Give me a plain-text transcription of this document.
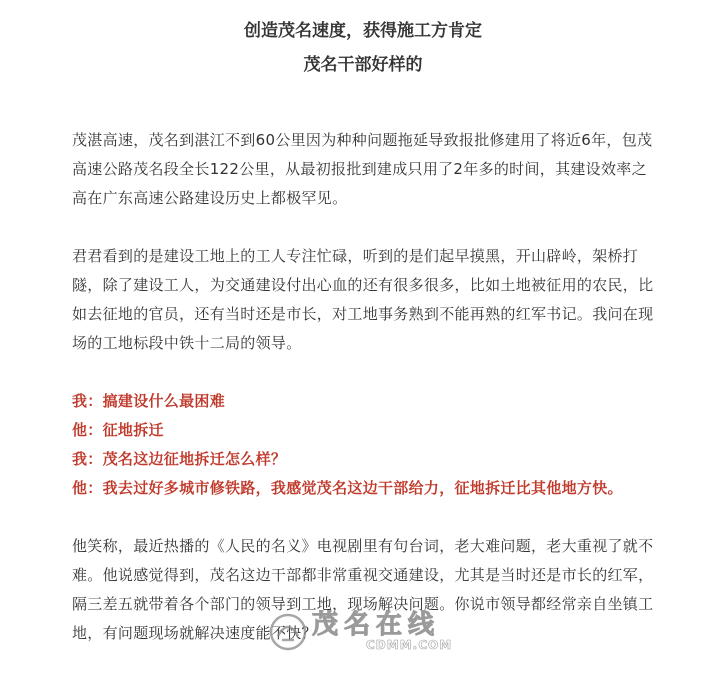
创造茂名速度，获得施工方肯定
茂名干部好样的

茂湛高速，茂名到湛江不到60公里因为种种问题拖延导致报批修建用了将近6年，包茂高速公路茂名段全长122公里，从最初报批到建成只用了2年多的时间，其建设效率之高在广东高速公路建设历史上都极罕见。

君君看到的是建设工地上的工人专注忙碌，听到的是们起早摸黑，开山辟岭，架桥打隧，除了建设工人，为交通建设付出心血的还有很多很多，比如土地被征用的农民，比如去征地的官员，还有当时还是市长，对工地事务熟到不能再熟的红军书记。我问在现场的工地标段中铁十二局的领导。

我：搞建设什么最困难
他：征地拆迁
我：茂名这边征地拆迁怎么样？
他：我去过好多城市修铁路，我感觉茂名这边干部给力，征地拆迁比其他地方快。

他笑称，最近热播的《人民的名义》电视剧里有句台词，老大难问题，老大重视了就不难。他说感觉得到，茂名这边干部都非常重视交通建设，尤其是当时还是市长的红军，隔三差五就带着各个部门的领导到工地，现场解决问题。你说市领导都经常亲自坐镇工地，有问题现场就解决速度能不快？

茂名在线
CDMM.COM
